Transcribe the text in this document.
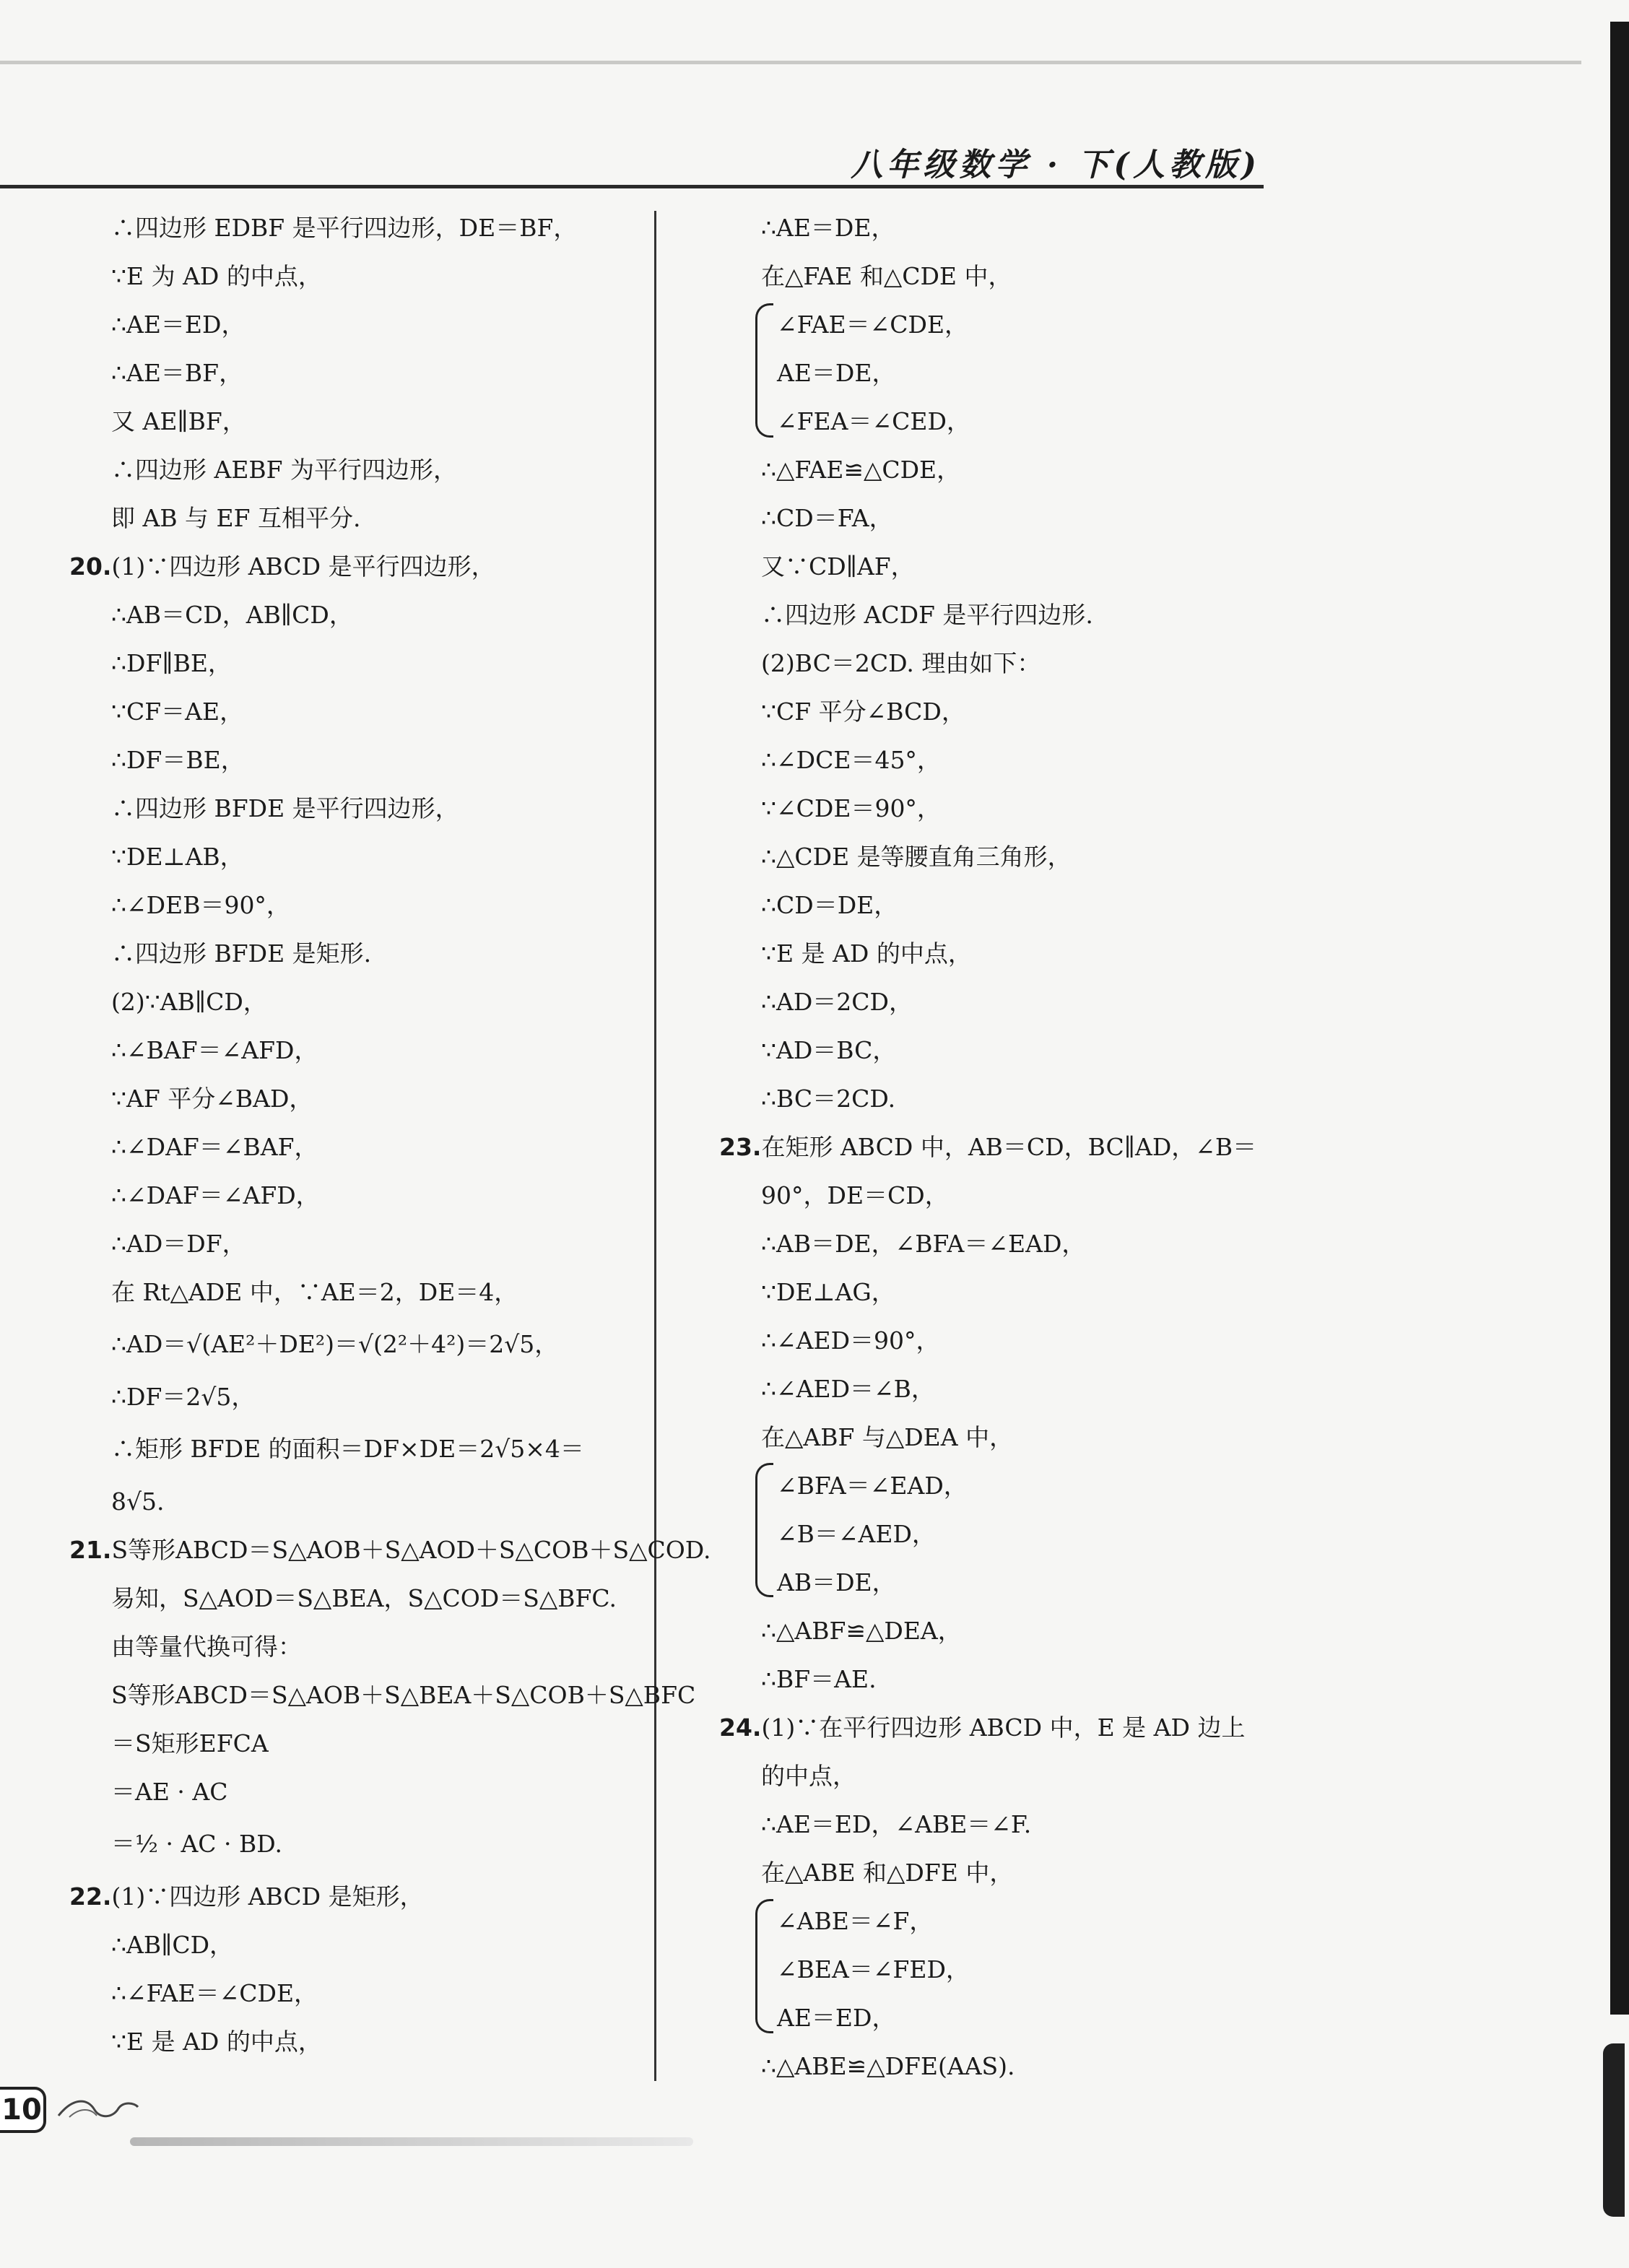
八年级数学 · 下(人教版)
∴四边形 EDBF 是平行四边形，DE＝BF，
∵E 为 AD 的中点，
∴AE＝ED，
∴AE＝BF，
又 AE∥BF，
∴四边形 AEBF 为平行四边形，
即 AB 与 EF 互相平分.
20.(1)∵四边形 ABCD 是平行四边形，
∴AB＝CD，AB∥CD，
∴DF∥BE，
∵CF＝AE，
∴DF＝BE，
∴四边形 BFDE 是平行四边形，
∵DE⊥AB，
∴∠DEB＝90°，
∴四边形 BFDE 是矩形.
(2)∵AB∥CD，
∴∠BAF＝∠AFD，
∵AF 平分∠BAD，
∴∠DAF＝∠BAF，
∴∠DAF＝∠AFD，
∴AD＝DF，
在 Rt△ADE 中，∵AE＝2，DE＝4，
∴AD＝√(AE²＋DE²)＝√(2²＋4²)＝2√5，
∴DF＝2√5，
∴矩形 BFDE 的面积＝DF×DE＝2√5×4＝
8√5.
21.S等形ABCD＝S△AOB＋S△AOD＋S△COB＋S△COD.
易知，S△AOD＝S△BEA，S△COD＝S△BFC.
由等量代换可得：
S等形ABCD＝S△AOB＋S△BEA＋S△COB＋S△BFC
＝S矩形EFCA
＝AE · AC
＝½ · AC · BD.
22.(1)∵四边形 ABCD 是矩形，
∴AB∥CD，
∴∠FAE＝∠CDE，
∵E 是 AD 的中点，
∴AE＝DE，
在△FAE 和△CDE 中，
∠FAE＝∠CDE，
AE＝DE，
∠FEA＝∠CED，
∴△FAE≌△CDE，
∴CD＝FA，
又∵CD∥AF，
∴四边形 ACDF 是平行四边形.
(2)BC＝2CD. 理由如下：
∵CF 平分∠BCD，
∴∠DCE＝45°，
∵∠CDE＝90°，
∴△CDE 是等腰直角三角形，
∴CD＝DE，
∵E 是 AD 的中点，
∴AD＝2CD，
∵AD＝BC，
∴BC＝2CD.
23.在矩形 ABCD 中，AB＝CD，BC∥AD，∠B＝
90°，DE＝CD，
∴AB＝DE，∠BFA＝∠EAD，
∵DE⊥AG，
∴∠AED＝90°，
∴∠AED＝∠B，
在△ABF 与△DEA 中，
∠BFA＝∠EAD，
∠B＝∠AED，
AB＝DE，
∴△ABF≌△DEA，
∴BF＝AE.
24.(1)∵在平行四边形 ABCD 中，E 是 AD 边上
的中点，
∴AE＝ED，∠ABE＝∠F.
在△ABE 和△DFE 中，
∠ABE＝∠F，
∠BEA＝∠FED，
AE＝ED，
∴△ABE≌△DFE(AAS).
10
